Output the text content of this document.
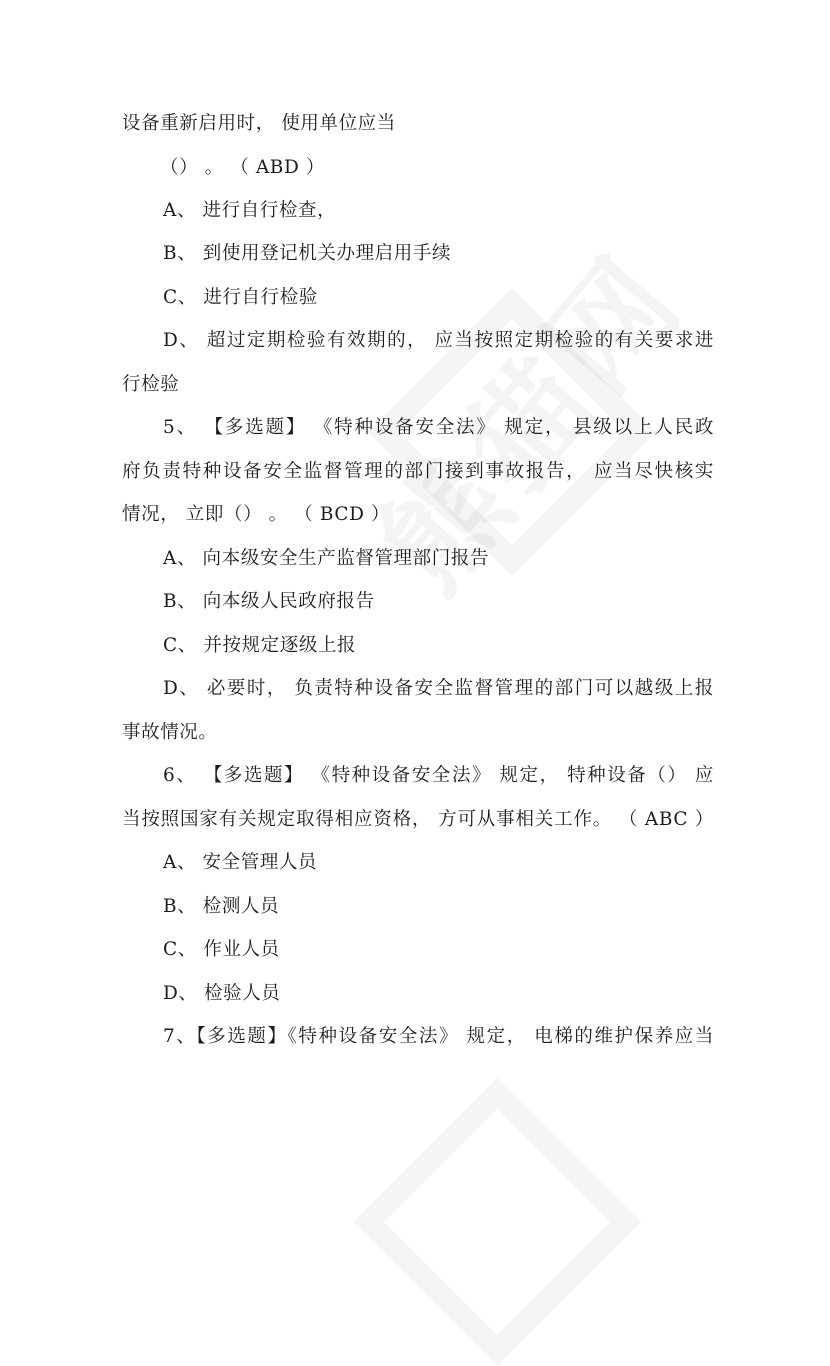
设备重新启用时， 使用单位应当
（） 。 （ ABD ）
A、 进行自行检查，
B、 到使用登记机关办理启用手续
C、 进行自行检验
D、 超过定期检验有效期的， 应当按照定期检验的有关要求进
行检验
5、 【多选题】 《特种设备安全法》 规定， 县级以上人民政
府负责特种设备安全监督管理的部门接到事故报告， 应当尽快核实
情况， 立即（） 。 （ BCD ）
A、 向本级安全生产监督管理部门报告
B、 向本级人民政府报告
C、 并按规定逐级上报
D、 必要时， 负责特种设备安全监督管理的部门可以越级上报
事故情况。
6、 【多选题】 《特种设备安全法》 规定， 特种设备（） 应
当按照国家有关规定取得相应资格， 方可从事相关工作。 （ ABC ）
A、 安全管理人员
B、 检测人员
C、 作业人员
D、 检验人员
7、【多选题】《特种设备安全法》 规定， 电梯的维护保养应当
